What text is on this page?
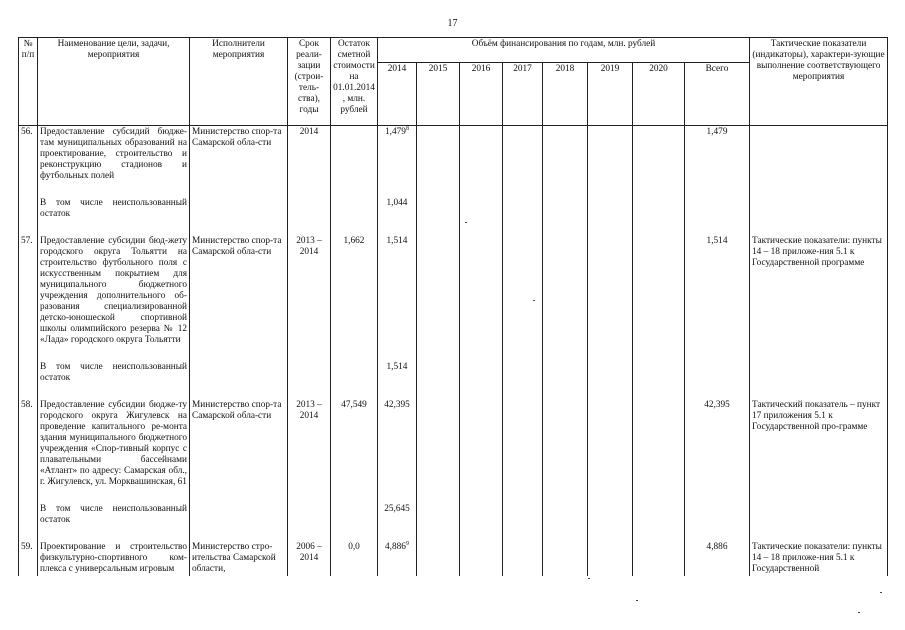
17
№
п/п	Наименование цели, задачи, мероприятия	Исполнители мероприятия	Срок реали-зации (строи-тель-ства), годы	Остаток сметной стоимости на 01.01.2014, млн. рублей	Объём финансирования по годам, млн. рублей								Тактические показатели (индикаторы), характери-зующие выполнение соответствующего мероприятия
					2014	2015	2016	2017	2018	2019	2020	Всего	
56.	Предоставление субсидий бюдже-там муниципальных образований на проектирование, строительство и реконструкцию стадионов и футбольных полей	Министерство спор-та Самарской обла-сти	2014		1,479$^8$							1,479	

	В том числе неиспользованный остаток				1,044								

57.	Предоставление субсидии бюд-жету городского округа Тольятти на строительство футбольного поля с искусственным покрытием для муниципального бюджетного учреждения дополнительного об-разования специализированной детско-юношеской спортивной школы олимпийского резерва № 12 «Лада» городского округа Тольятти	Министерство спор-та Самарской обла-сти	2013 – 2014	1,662	1,514							1,514	Тактические показатели: пункты 14 – 18 приложе-ния 5.1 к Государственной программе

	В том числе неиспользованный остаток				1,514								

58.	Предоставление субсидии бюдже-ту городского округа Жигулевск на проведение капитального ре-монта здания муниципального бюджетного учреждения «Спор-тивный корпус с плавательными бассейнами «Атлант» по адресу: Самарская обл., г. Жигулевск, ул. Морквашинская, 61	Министерство спор-та Самарской обла-сти	2013 – 2014	47,549	42,395							42,395	Тактический показатель – пункт 17 приложения 5.1 к Государственной про-грамме

	В том числе неиспользованный остаток				25,645								

59.	Проектирование и строительство физкультурно-спортивного ком-плекса с универсальным игровым	Министерство стро-ительства Самарской области,	2006 – 2014	0,0	4,886$^9$							4,886	Тактические показатели: пункты 14 – 18 приложе-ния 5.1 к Государственной
